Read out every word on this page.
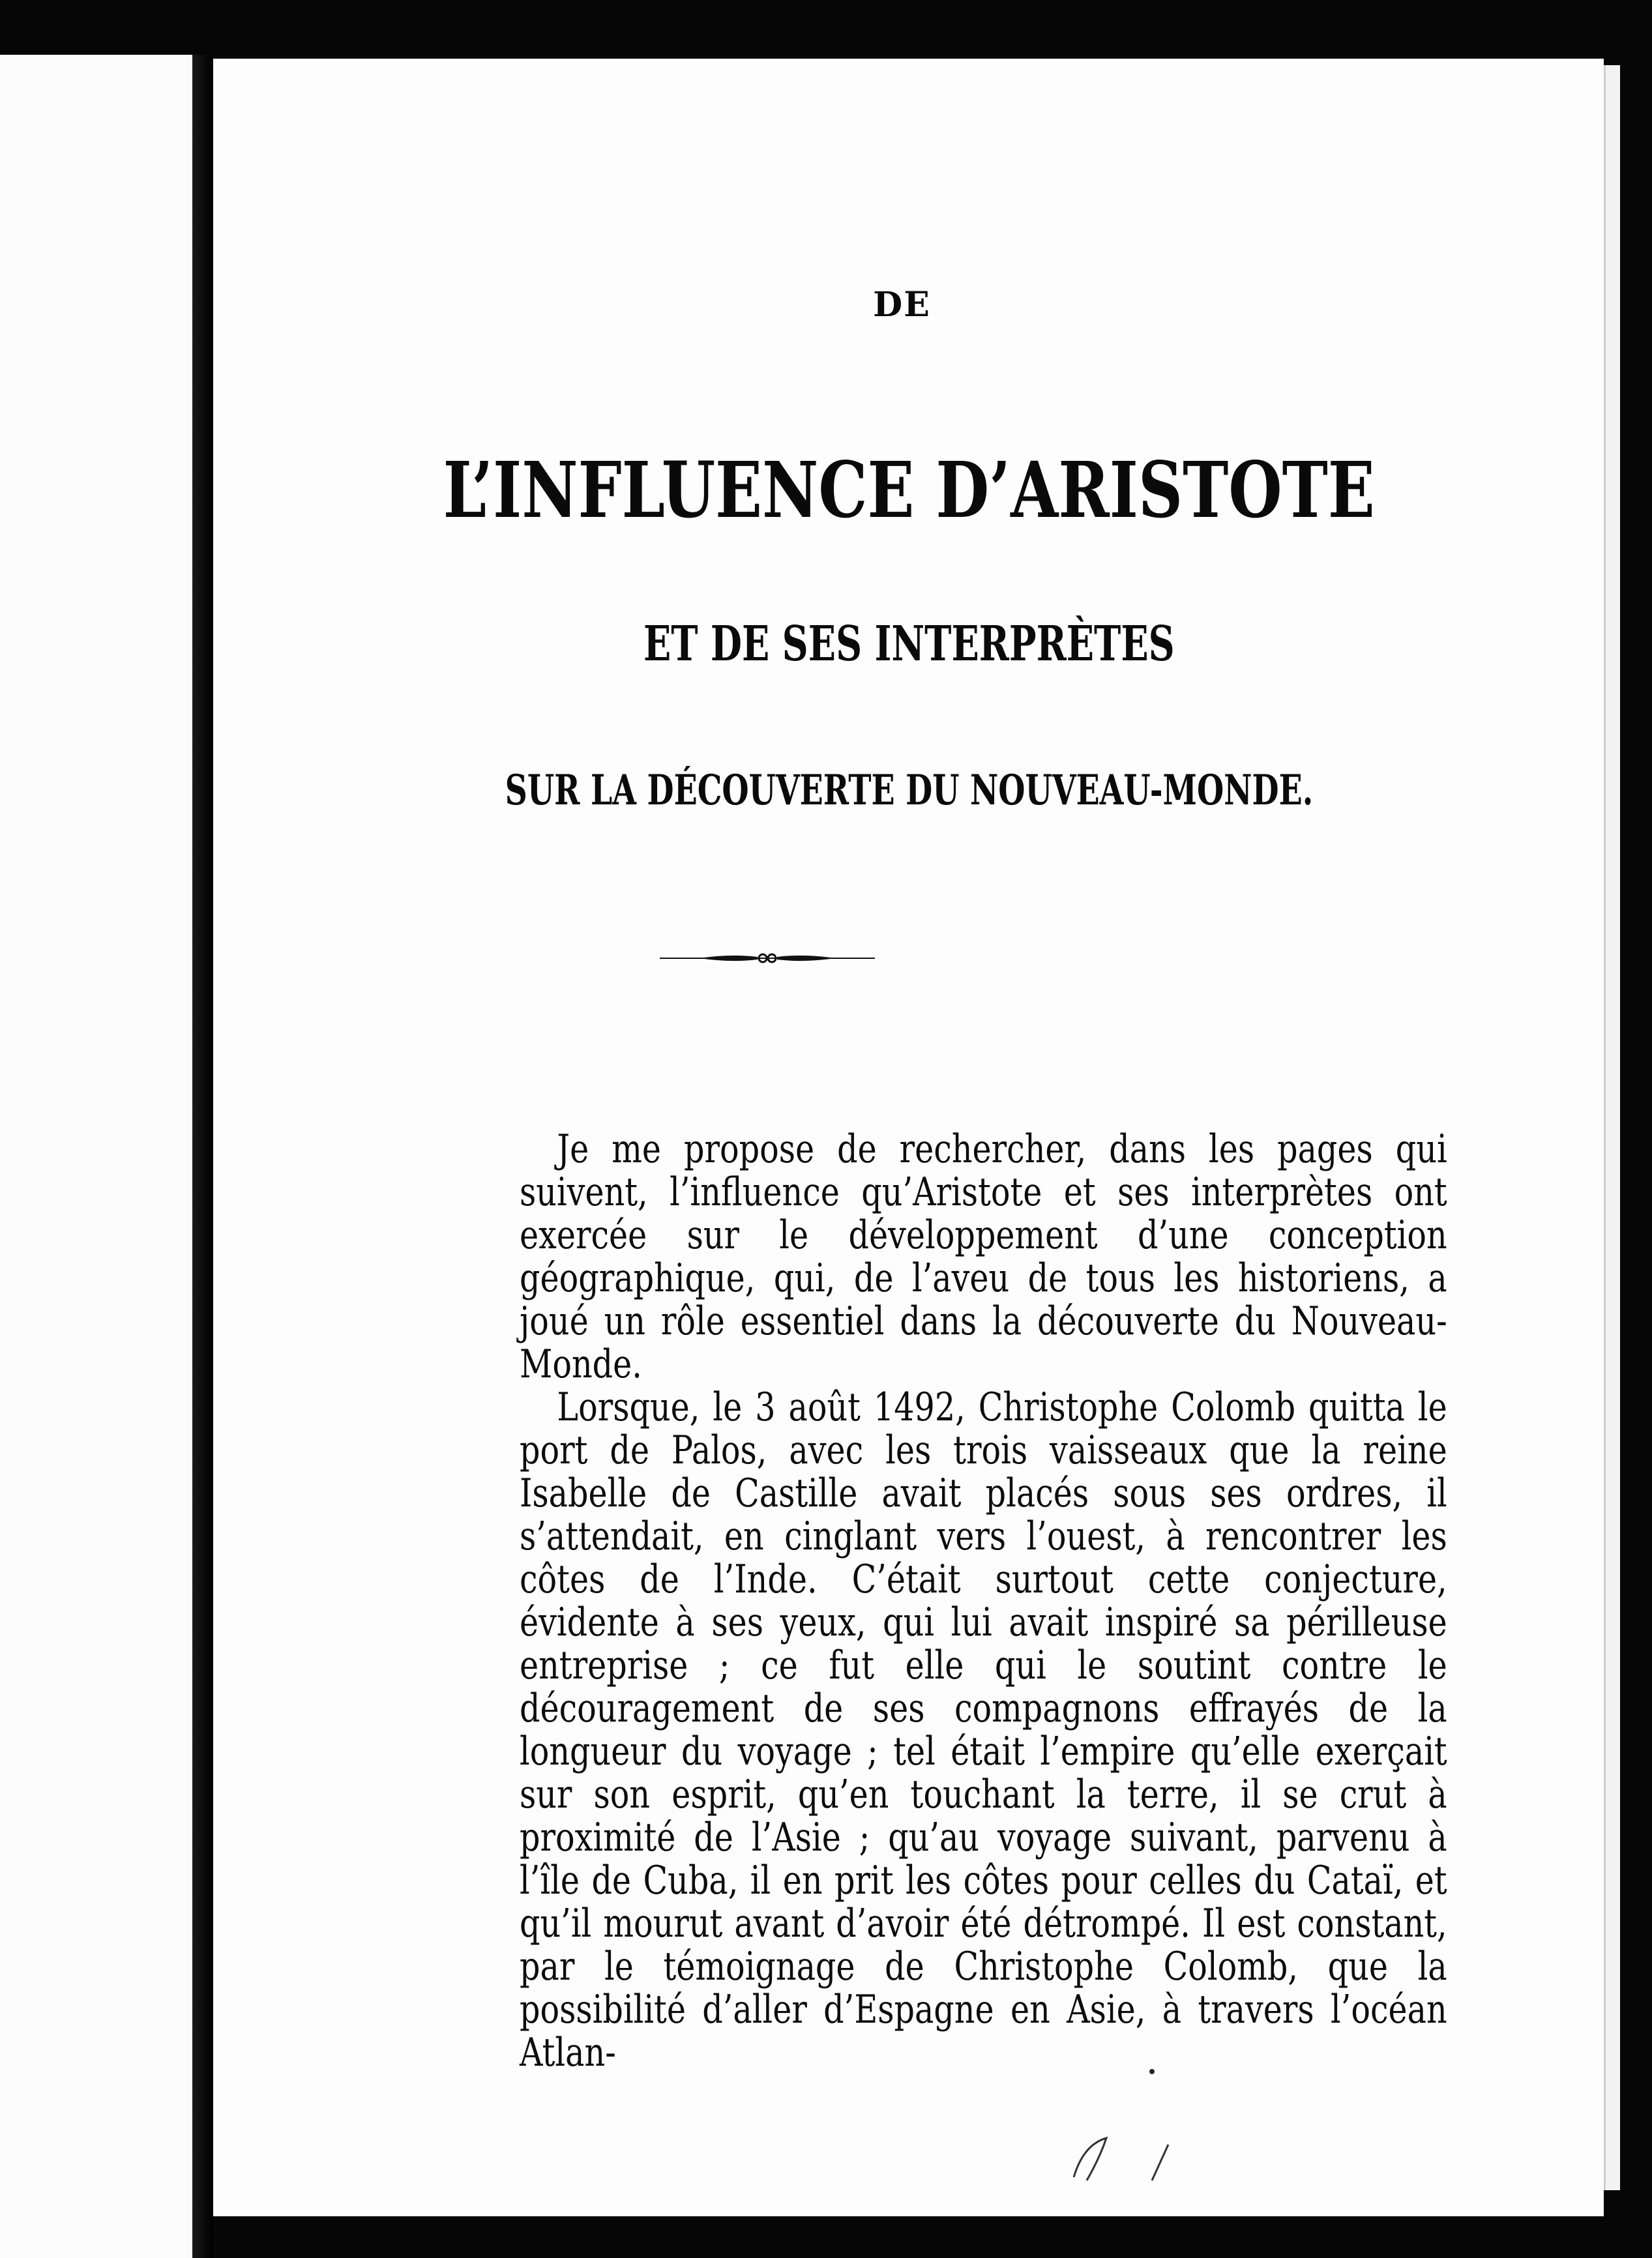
DE
L’INFLUENCE D’ARISTOTE
ET DE SES INTERPRÈTES
SUR LA DÉCOUVERTE DU NOUVEAU-MONDE.

Je me propose de rechercher, dans les pages qui suivent, l’influence qu’Aristote et ses interprètes ont exercée sur le développement d’une conception géographique, qui, de l’aveu de tous les historiens, a joué un rôle essentiel dans la découverte du Nouveau-Monde.

Lorsque, le 3 août 1492, Christophe Colomb quitta le port de Palos, avec les trois vaisseaux que la reine Isabelle de Castille avait placés sous ses ordres, il s’attendait, en cinglant vers l’ouest, à rencontrer les côtes de l’Inde. C’était surtout cette conjecture, évidente à ses yeux, qui lui avait inspiré sa périlleuse entreprise ; ce fut elle qui le soutint contre le découragement de ses compagnons effrayés de la longueur du voyage ; tel était l’empire qu’elle exerçait sur son esprit, qu’en touchant la terre, il se crut à proximité de l’Asie ; qu’au voyage suivant, parvenu à l’île de Cuba, il en prit les côtes pour celles du Cataï, et qu’il mourut avant d’avoir été détrompé. Il est constant, par le témoignage de Christophe Colomb, que la possibilité d’aller d’Espagne en Asie, à travers l’océan Atlan-
